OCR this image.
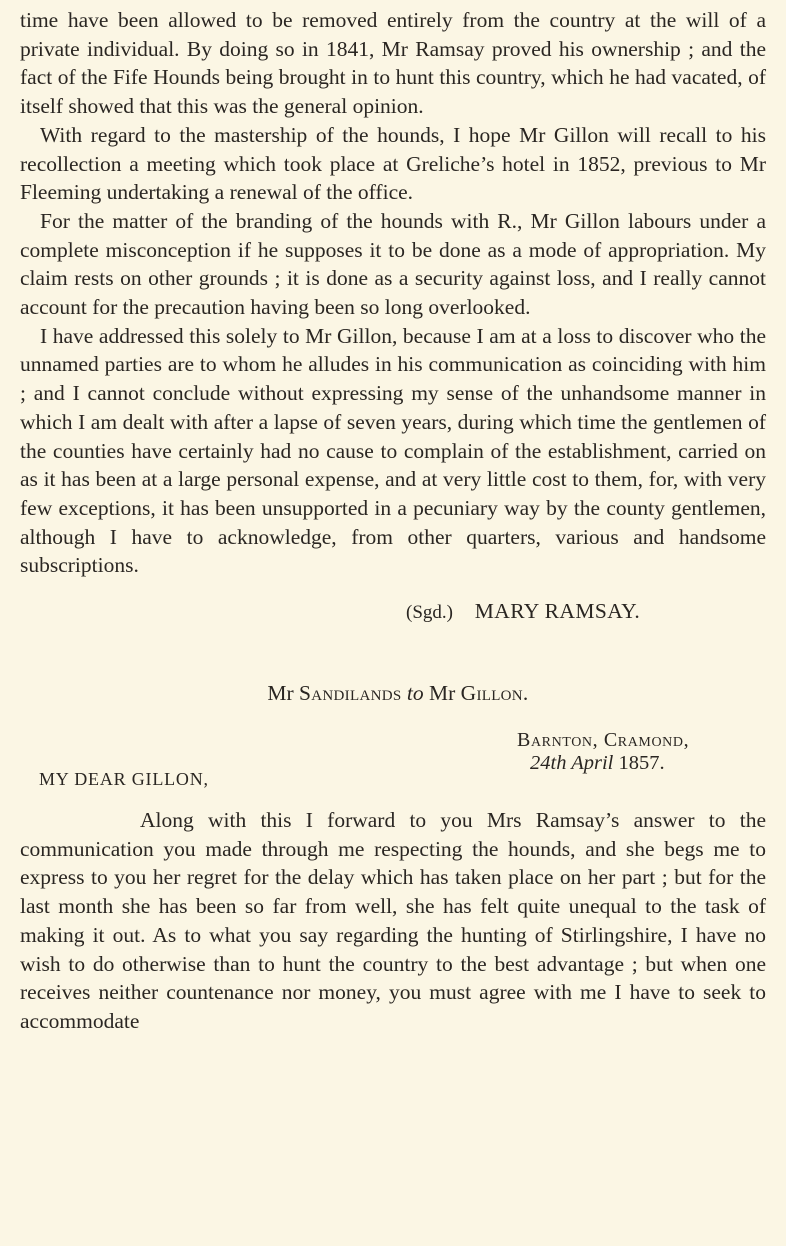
time have been allowed to be removed entirely from the country at the will of a private individual. By doing so in 1841, Mr Ramsay proved his ownership ; and the fact of the Fife Hounds being brought in to hunt this country, which he had vacated, of itself showed that this was the general opinion.

With regard to the mastership of the hounds, I hope Mr Gillon will recall to his recollection a meeting which took place at Greliche’s hotel in 1852, previous to Mr Fleeming undertaking a renewal of the office.

For the matter of the branding of the hounds with R., Mr Gillon labours under a complete misconception if he supposes it to be done as a mode of appropriation. My claim rests on other grounds ; it is done as a security against loss, and I really cannot account for the precaution having been so long overlooked.

I have addressed this solely to Mr Gillon, because I am at a loss to discover who the unnamed parties are to whom he alludes in his communication as coinciding with him ; and I cannot conclude without expressing my sense of the unhandsome manner in which I am dealt with after a lapse of seven years, during which time the gentlemen of the counties have certainly had no cause to complain of the establishment, carried on as it has been at a large personal expense, and at very little cost to them, for, with very few exceptions, it has been unsupported in a pecuniary way by the county gentlemen, although I have to acknowledge, from other quarters, various and handsome subscriptions.

(Sgd.) MARY RAMSAY.
Mr Sandilands to Mr Gillon.
Barnton, Cramond,
24th April 1857.
MY DEAR GILLON,

Along with this I forward to you Mrs Ramsay’s answer to the communication you made through me respecting the hounds, and she begs me to express to you her regret for the delay which has taken place on her part ; but for the last month she has been so far from well, she has felt quite unequal to the task of making it out. As to what you say regarding the hunting of Stirlingshire, I have no wish to do otherwise than to hunt the country to the best advantage ; but when one receives neither countenance nor money, you must agree with me I have to seek to accommodate
